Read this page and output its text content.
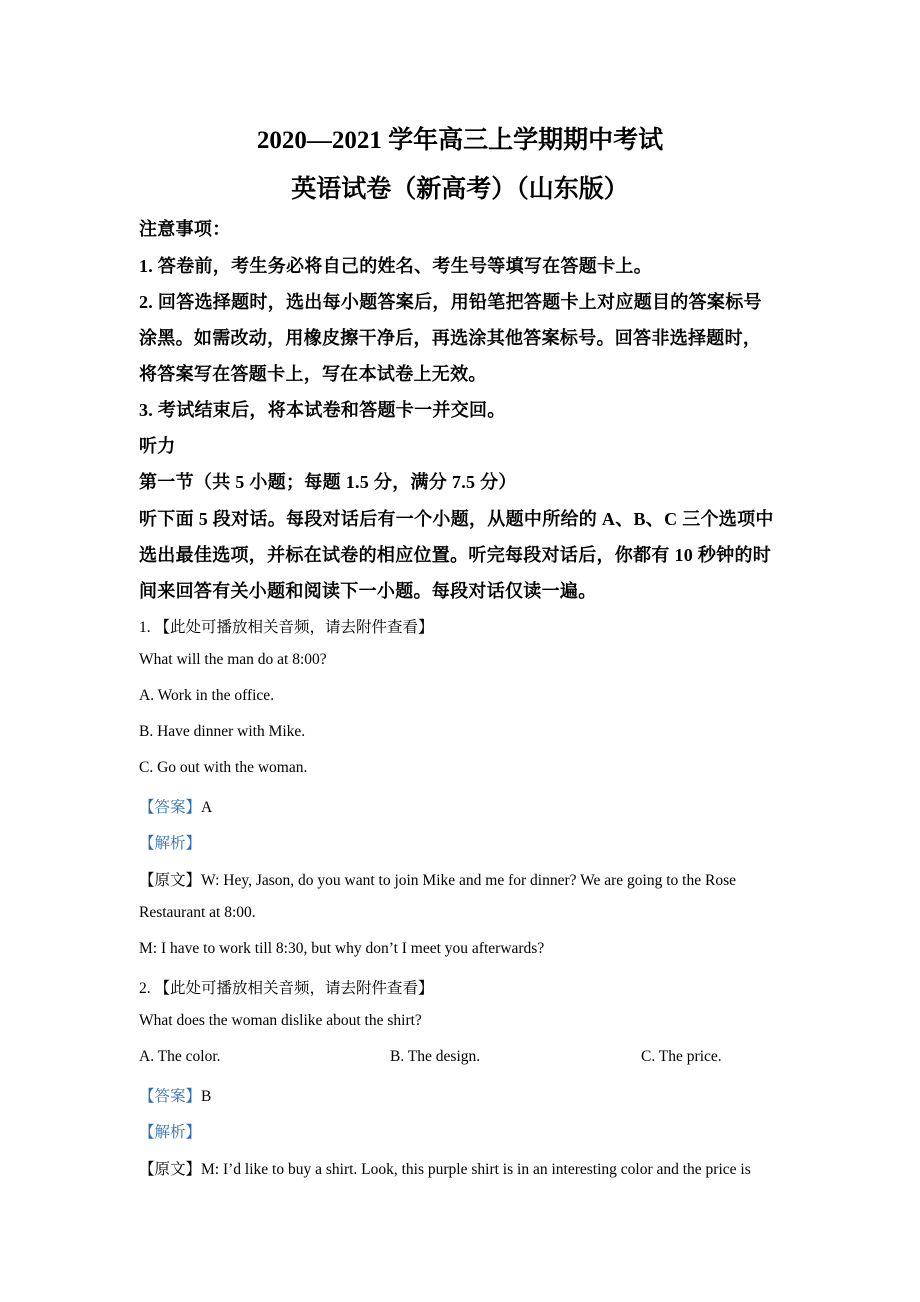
2020—2021 学年高三上学期期中考试
英语试卷（新高考）（山东版）
注意事项：
1. 答卷前，考生务必将自己的姓名、考生号等填写在答题卡上。
2. 回答选择题时，选出每小题答案后，用铅笔把答题卡上对应题目的答案标号
涂黑。如需改动，用橡皮擦干净后，再选涂其他答案标号。回答非选择题时，
将答案写在答题卡上，写在本试卷上无效。
3. 考试结束后，将本试卷和答题卡一并交回。
听力
第一节（共 5 小题；每题 1.5 分，满分 7.5 分）
听下面 5 段对话。每段对话后有一个小题，从题中所给的 A、B、C 三个选项中
选出最佳选项，并标在试卷的相应位置。听完每段对话后，你都有 10 秒钟的时
间来回答有关小题和阅读下一小题。每段对话仅读一遍。
1. 【此处可播放相关音频，请去附件查看】
What will the man do at 8:00?
A. Work in the office.
B. Have dinner with Mike.
C. Go out with the woman.
【答案】A
【解析】
【原文】W: Hey, Jason, do you want to join Mike and me for dinner? We are going to the Rose
Restaurant at 8:00.
M: I have to work till 8:30, but why don’t I meet you afterwards?
2. 【此处可播放相关音频，请去附件查看】
What does the woman dislike about the shirt?
A. The color.	B. The design.	C. The price.
【答案】B
【解析】
【原文】M: I’d like to buy a shirt. Look, this purple shirt is in an interesting color and the price is
